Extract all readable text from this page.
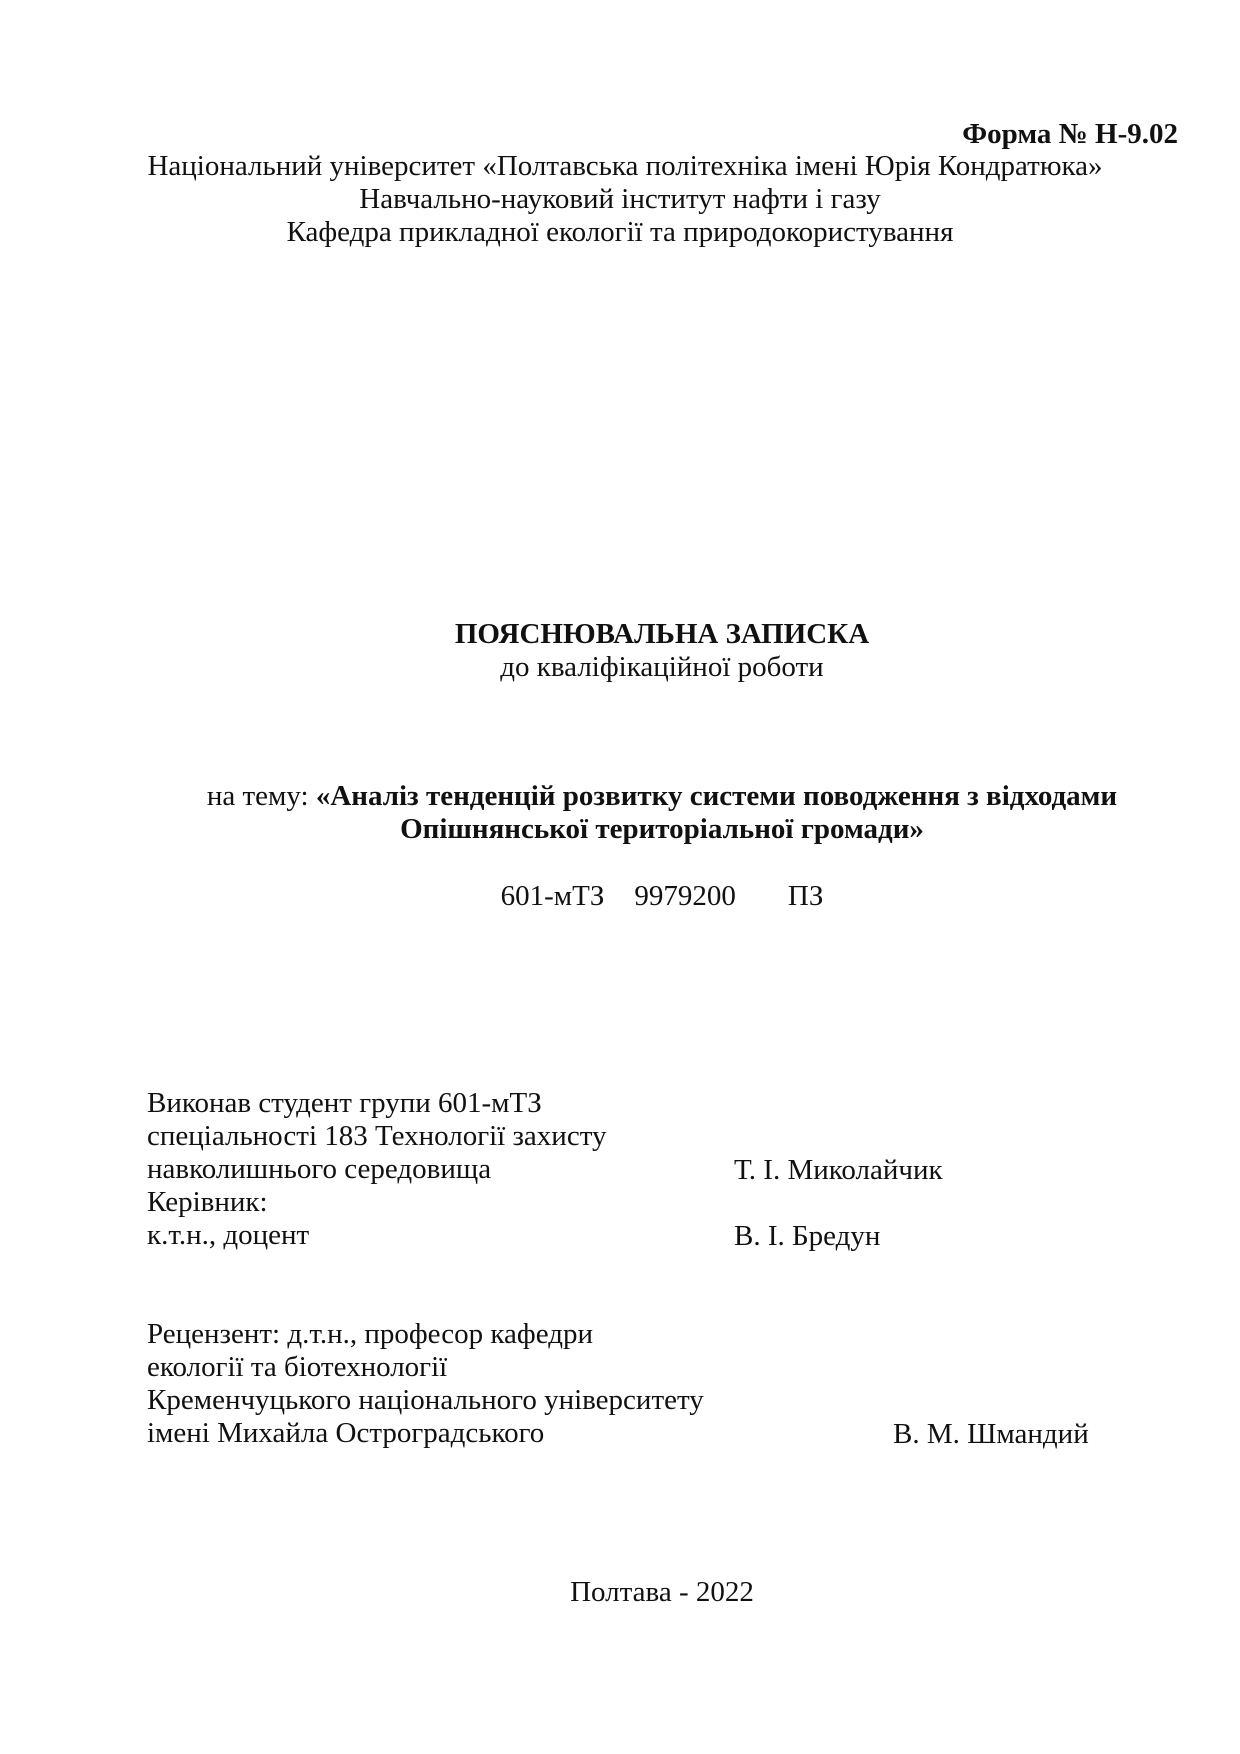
Форма № Н-9.02
Національний університет «Полтавська політехніка імені Юрія Кондратюка»
Навчально-науковий інститут нафти і газу
Кафедра прикладної екології та природокористування
ПОЯСНЮВАЛЬНА ЗАПИСКА
до кваліфікаційної роботи
на тему: «Аналіз тенденцій розвитку системи поводження з відходами
Опішнянської територіальної громади»
601-мТЗ 9979200 ПЗ
Виконав студент групи 601-мТЗ
спеціальності 183 Технології захисту
навколишнього середовища
Керівник:
к.т.н., доцент
Т. І. Миколайчик
В. І. Бредун
Рецензент: д.т.н., професор кафедри
екології та біотехнології
Кременчуцького національного університету
імені Михайла Остроградського	В. М. Шмандий
Полтава - 2022
